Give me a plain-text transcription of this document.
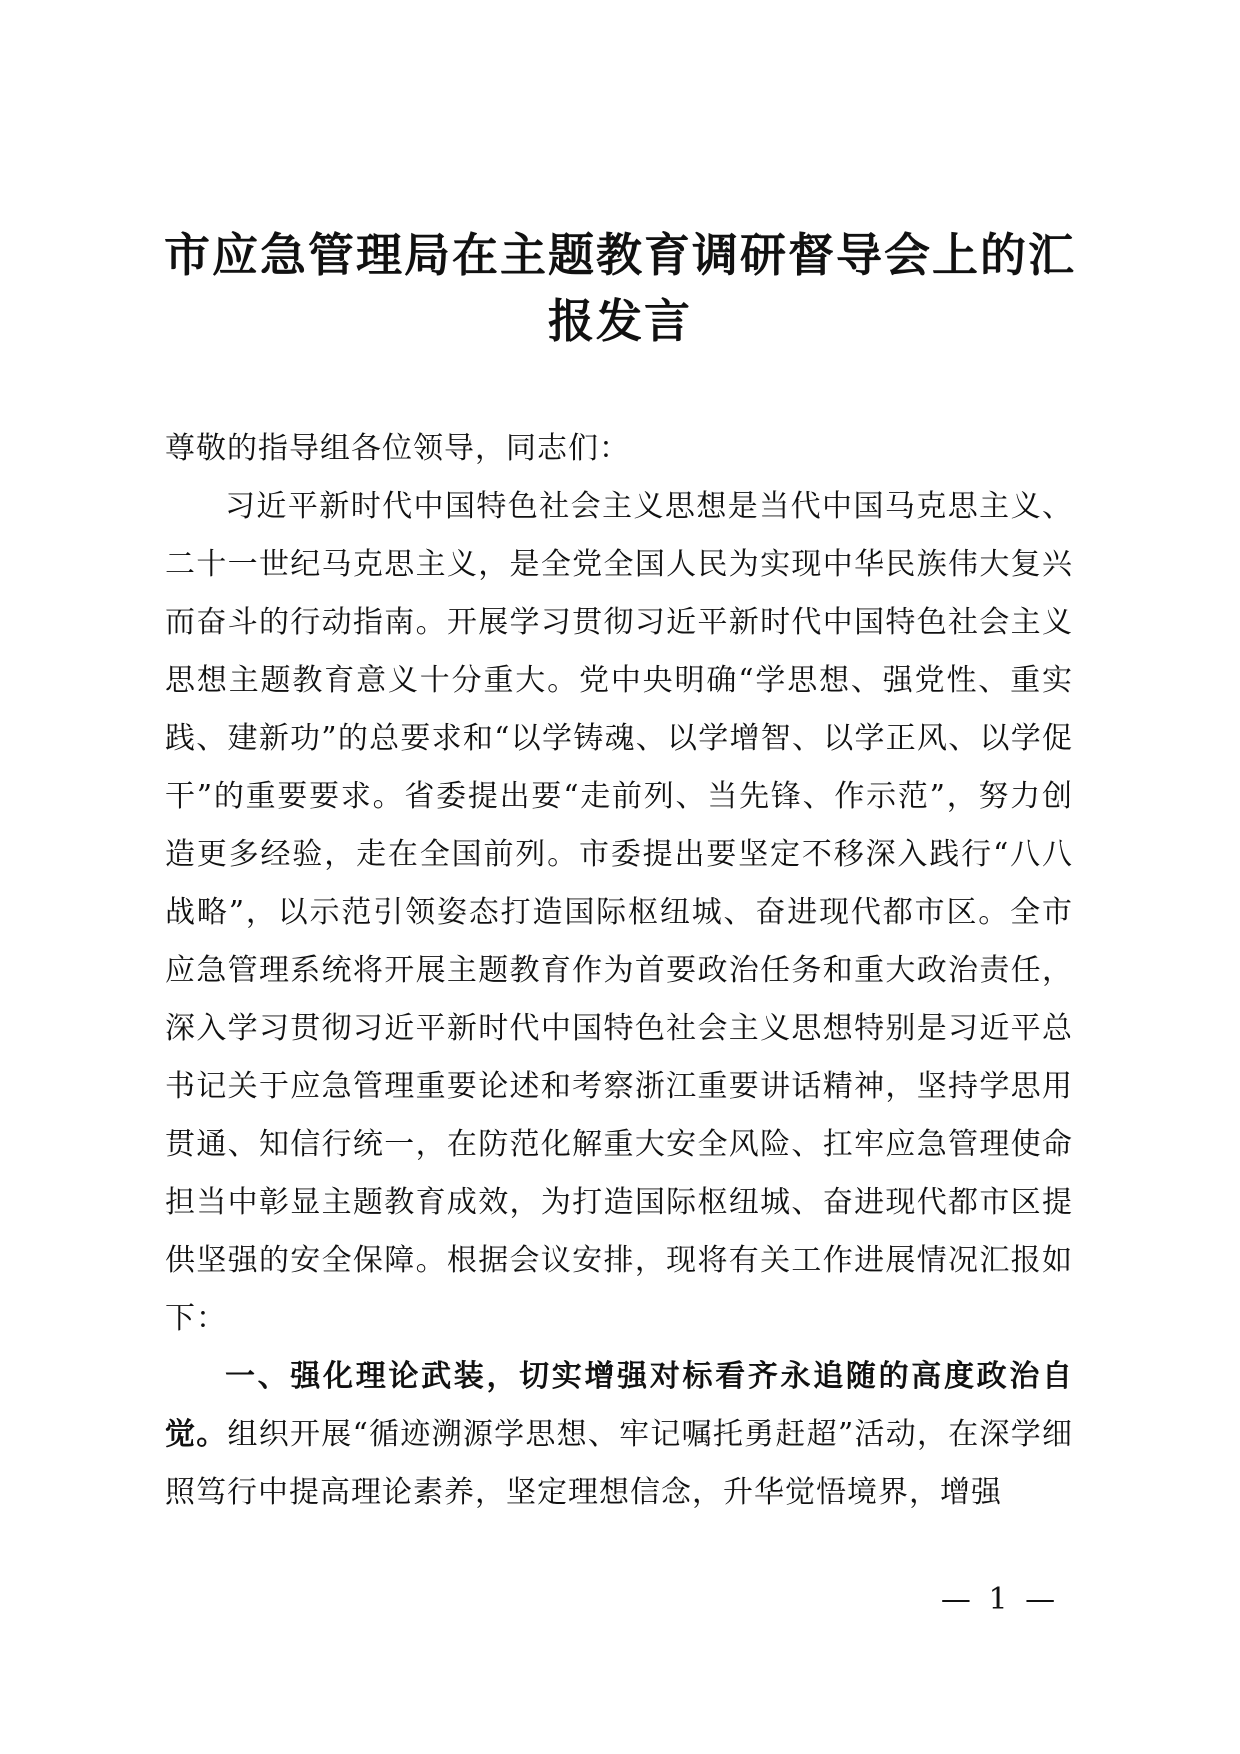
市应急管理局在主题教育调研督导会上的汇报发言

尊敬的指导组各位领导，同志们：

习近平新时代中国特色社会主义思想是当代中国马克思主义、二十一世纪马克思主义，是全党全国人民为实现中华民族伟大复兴而奋斗的行动指南。开展学习贯彻习近平新时代中国特色社会主义思想主题教育意义十分重大。党中央明确“学思想、强党性、重实践、建新功”的总要求和“以学铸魂、以学增智、以学正风、以学促干”的重要要求。省委提出要“走前列、当先锋、作示范”，努力创造更多经验，走在全国前列。市委提出要坚定不移深入践行“八八战略”，以示范引领姿态打造国际枢纽城、奋进现代都市区。全市应急管理系统将开展主题教育作为首要政治任务和重大政治责任，深入学习贯彻习近平新时代中国特色社会主义思想特别是习近平总书记关于应急管理重要论述和考察浙江重要讲话精神，坚持学思用贯通、知信行统一，在防范化解重大安全风险、扛牢应急管理使命担当中彰显主题教育成效，为打造国际枢纽城、奋进现代都市区提供坚强的安全保障。根据会议安排，现将有关工作进展情况汇报如下：

一、强化理论武装，切实增强对标看齐永追随的高度政治自觉。组织开展“循迹溯源学思想、牢记嘱托勇赶超”活动，在深学细照笃行中提高理论素养，坚定理想信念，升华觉悟境界，增强

— 1 —
